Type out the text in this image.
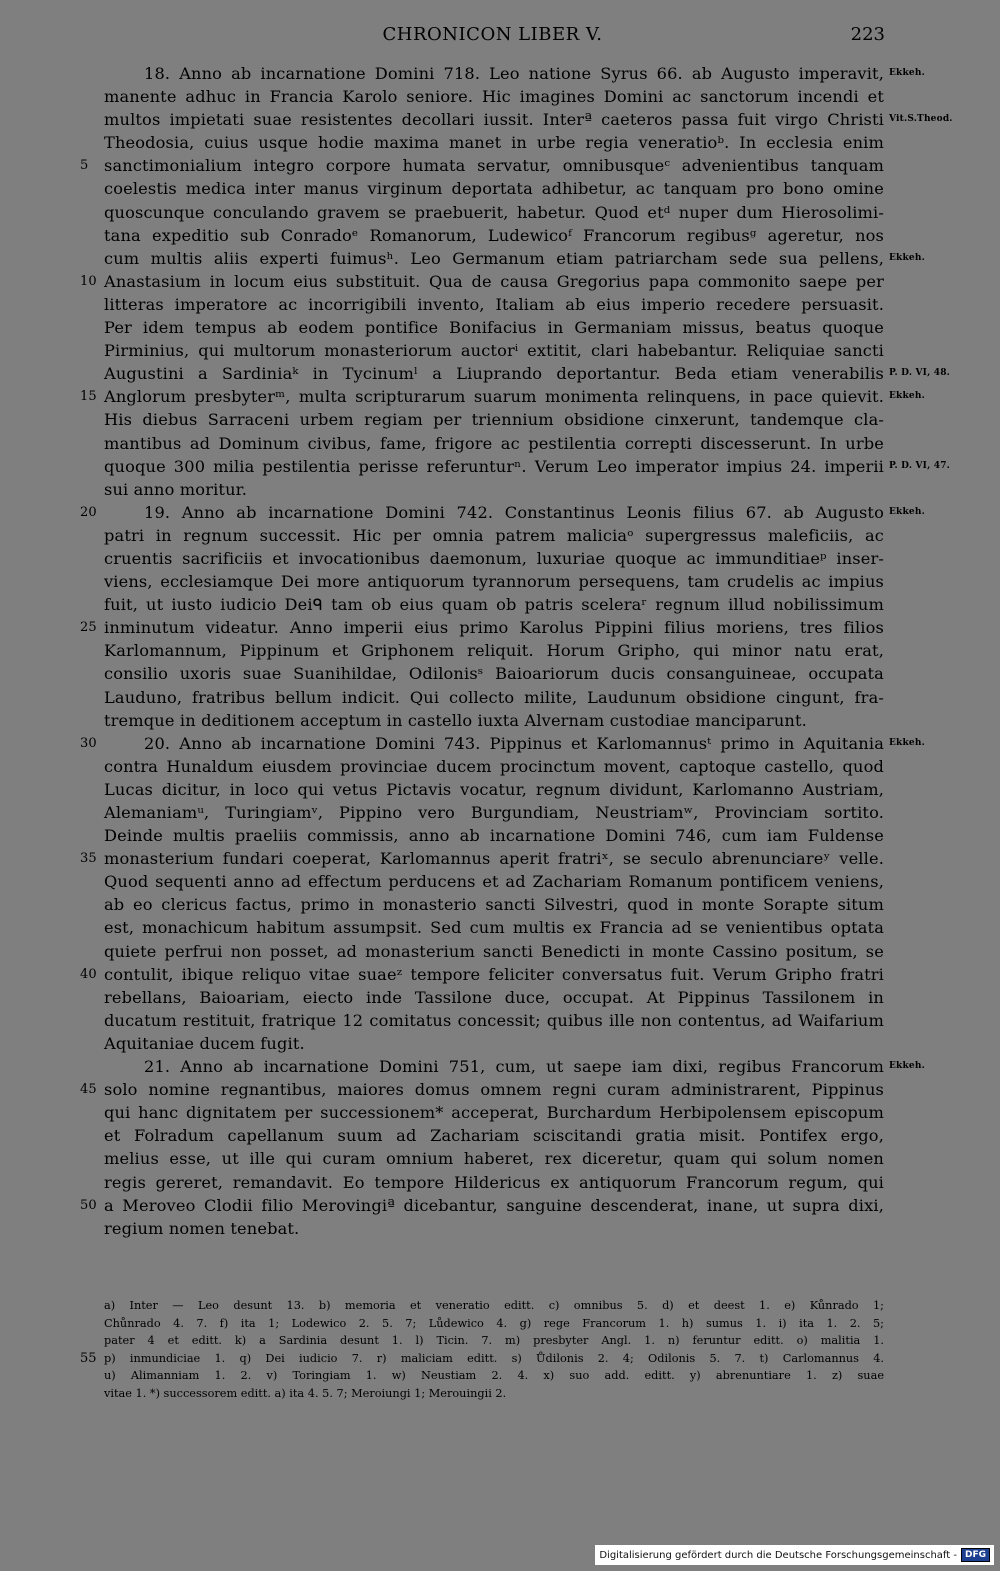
CHRONICON LIBER V.	223
18. Anno ab incarnatione Domini 718. Leo natione Syrus 66. ab Augusto imperavit, Ekkeh.
manente adhuc in Francia Karolo seniore. Hic imagines Domini ac sanctorum incendi et
multos impietati suae resistentes decollari iussit. Interª caeteros passa fuit virgo Christi Vit.S.Theod.
Theodosia, cuius usque hodie maxima manet in urbe regia veneratioᵇ. In ecclesia enim
5 sanctimonialium integro corpore humata servatur, omnibusqueᶜ advenientibus tanquam
coelestis medica inter manus virginum deportata adhibetur, ac tanquam pro bono omine
quoscunque conculando gravem se praebuerit, habetur. Quod etᵈ nuper dum Hierosolimi-
tana expeditio sub Conradoᵉ Romanorum, Ludewicoᶠ Francorum regibusᵍ ageretur, nos
cum multis aliis experti fuimusʰ. Leo Germanum etiam patriarcham sede sua pellens, Ekkeh.
10 Anastasium in locum eius substituit. Qua de causa Gregorius papa commonito saepe per
litteras imperatore ac incorrigibili invento, Italiam ab eius imperio recedere persuasit.
Per idem tempus ab eodem pontifice Bonifacius in Germaniam missus, beatus quoque
Pirminius, qui multorum monasteriorum auctorⁱ extitit, clari habebantur. Reliquiae sancti
Augustini a Sardiniaᵏ in Tycinumˡ a Liuprando deportantur. Beda etiam venerabilis P. D. VI, 48.
15 Anglorum presbyterᵐ, multa scripturarum suarum monimenta relinquens, in pace quievit. Ekkeh.
His diebus Sarraceni urbem regiam per triennium obsidione cinxerunt, tandemque cla-
mantibus ad Dominum civibus, fame, frigore ac pestilentia correpti discesserunt. In urbe
quoque 300 milia pestilentia perisse referunturⁿ. Verum Leo imperator impius 24. imperii P. D. VI, 47.
sui anno moritur.
20	19. Anno ab incarnatione Domini 742. Constantinus Leonis filius 67. ab Augusto Ekkeh.
patri in regnum successit. Hic per omnia patrem maliciaᵒ supergressus maleficiis, ac
cruentis sacrificiis et invocationibus daemonum, luxuriae quoque ac immunditiaeᵖ inser-
viens, ecclesiamque Dei more antiquorum tyrannorum persequens, tam crudelis ac impius
fuit, ut iusto iudicio Deiᑫ tam ob eius quam ob patris sceleraʳ regnum illud nobilissimum
25 inminutum videatur. Anno imperii eius primo Karolus Pippini filius moriens, tres filios
Karlomannum, Pippinum et Griphonem reliquit. Horum Gripho, qui minor natu erat,
consilio uxoris suae Suanihildae, Odilonisˢ Baioariorum ducis consanguineae, occupata
Lauduno, fratribus bellum indicit. Qui collecto milite, Laudunum obsidione cingunt, fra-
tremque in deditionem acceptum in castello iuxta Alvernam custodiae manciparunt.
30	20. Anno ab incarnatione Domini 743. Pippinus et Karlomannusᵗ primo in Aquitania Ekkeh.
contra Hunaldum eiusdem provinciae ducem procinctum movent, captoque castello, quod
Lucas dicitur, in loco qui vetus Pictavis vocatur, regnum dividunt, Karlomanno Austriam,
Alemaniamᵘ, Turingiamᵛ, Pippino vero Burgundiam, Neustriamʷ, Provinciam sortito.
Deinde multis praeliis commissis, anno ab incarnatione Domini 746, cum iam Fuldense
35 monasterium fundari coeperat, Karlomannus aperit fratriˣ, se seculo abrenunciareʸ velle.
Quod sequenti anno ad effectum perducens et ad Zachariam Romanum pontificem veniens,
ab eo clericus factus, primo in monasterio sancti Silvestri, quod in monte Sorapte situm
est, monachicum habitum assumpsit. Sed cum multis ex Francia ad se venientibus optata
quiete perfrui non posset, ad monasterium sancti Benedicti in monte Cassino positum, se
40 contulit, ibique reliquo vitae suaeᶻ tempore feliciter conversatus fuit. Verum Gripho fratri
rebellans, Baioariam, eiecto inde Tassilone duce, occupat. At Pippinus Tassilonem in
ducatum restituit, fratrique 12 comitatus concessit; quibus ille non contentus, ad Waifarium
Aquitaniae ducem fugit.
21. Anno ab incarnatione Domini 751, cum, ut saepe iam dixi, regibus Francorum Ekkeh.
45 solo nomine regnantibus, maiores domus omnem regni curam administrarent, Pippinus
qui hanc dignitatem per successionem* acceperat, Burchardum Herbipolensem episcopum
et Folradum capellanum suum ad Zachariam sciscitandi gratia misit. Pontifex ergo,
melius esse, ut ille qui curam omnium haberet, rex diceretur, quam qui solum nomen
regis gereret, remandavit. Eo tempore Hildericus ex antiquorum Francorum regum, qui
50 a Meroveo Clodii filio Merovingiª dicebantur, sanguine descenderat, inane, ut supra dixi,
regium nomen tenebat.
a) Inter — Leo desunt 13. b) memoria et veneratio editt. c) omnibus 5. d) et deest 1. e) Kůnrado 1;
Chůnrado 4. 7. f) ita 1; Lodewico 2. 5. 7; Lůdewico 4. g) rege Francorum 1. h) sumus 1. i) ita 1. 2. 5;
pater 4 et editt. k) a Sardinia desunt 1. l) Ticin. 7. m) presbyter Angl. 1. n) feruntur editt. o) malitia 1.
55 p) inmundiciae 1. q) Dei iudicio 7. r) maliciam editt. s) Ůdilonis 2. 4; Odilonis 5. 7. t) Carlomannus 4.
u) Alimanniam 1. 2. v) Toringiam 1. w) Neustiam 2. 4. x) suo add. editt. y) abrenuntiare 1. z) suae
vitae 1. *) successorem editt. a) ita 4. 5. 7; Meroiungi 1; Merouingii 2.
Digitalisierung gefördert durch die Deutsche Forschungsgemeinschaft - DFG
